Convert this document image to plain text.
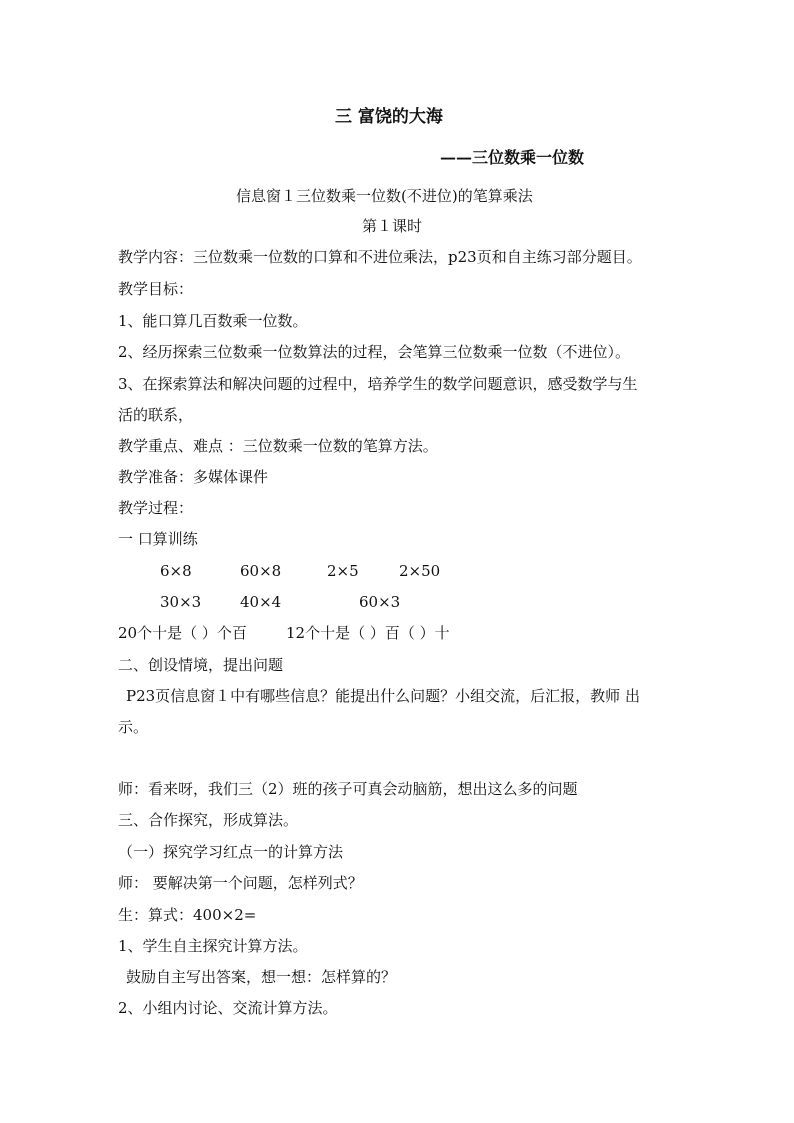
三 富饶的大海
——三位数乘一位数
信息窗１三位数乘一位数(不进位)的笔算乘法
第１课时
教学内容：三位数乘一位数的口算和不进位乘法，p23页和自主练习部分题目。
教学目标：
1、能口算几百数乘一位数。
2、经历探索三位数乘一位数算法的过程，会笔算三位数乘一位数（不进位）。
3、在探索算法和解决问题的过程中，培养学生的数学问题意识，感受数学与生
活的联系，
教学重点、难点 ：三位数乘一位数的笔算方法。
教学准备：多媒体课件
教学过程：
一 口算训练
6×8	60×8	2×5	2×50
30×3	40×4	60×3
20个十是（ ）个百	12个十是（ ）百（ ）十
二、创设情境，提出问题
P23页信息窗１中有哪些信息？能提出什么问题？小组交流，后汇报，教师 出
示。
师：看来呀，我们三（2）班的孩子可真会动脑筋，想出这么多的问题
三、合作探究，形成算法。
（一）探究学习红点一的计算方法
师： 要解决第一个问题，怎样列式？
生：算式：400×2=
1、学生自主探究计算方法。
鼓励自主写出答案，想一想：怎样算的？
2、小组内讨论、交流计算方法。
